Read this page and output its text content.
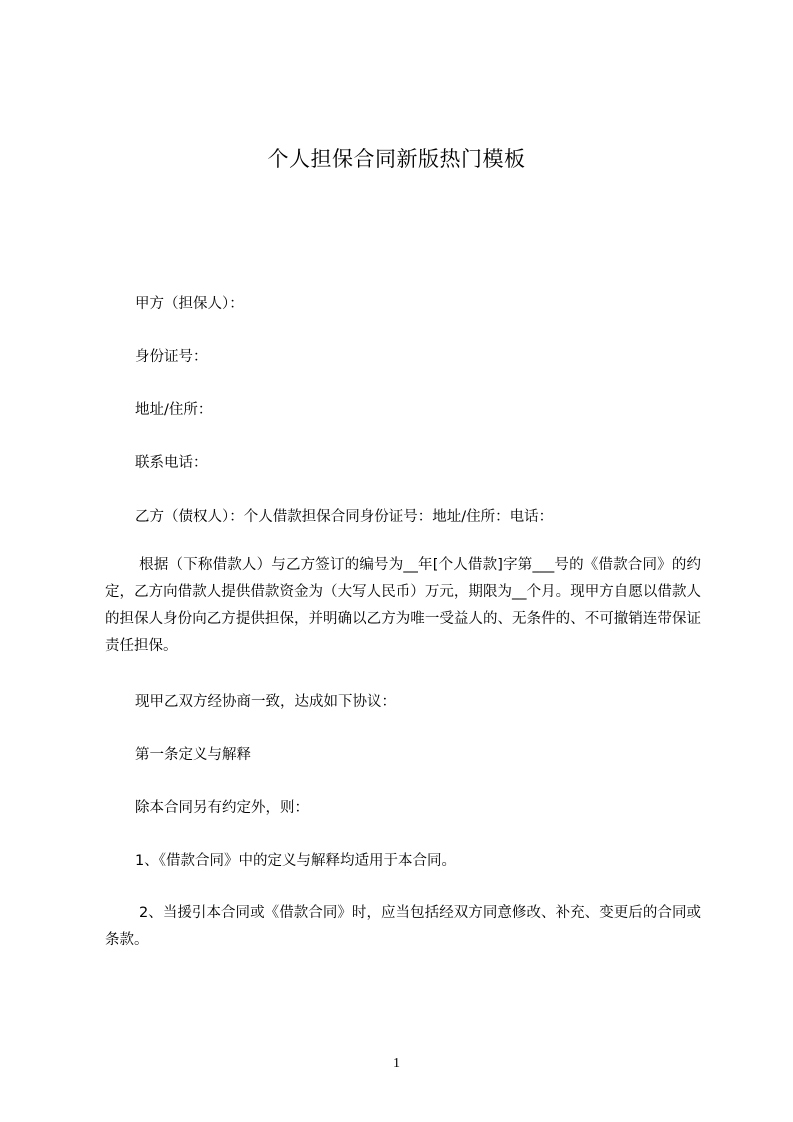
个人担保合同新版热门模板

甲方（担保人）：

身份证号：

地址/住所：

联系电话：

乙方（债权人）：个人借款担保合同身份证号：地址/住所：电话：

根据（下称借款人）与乙方签订的编号为__年[个人借款]字第___号的《借款合同》的约定，乙方向借款人提供借款资金为（大写人民币）万元，期限为__个月。现甲方自愿以借款人的担保人身份向乙方提供担保，并明确以乙方为唯一受益人的、无条件的、不可撤销连带保证责任担保。

现甲乙双方经协商一致，达成如下协议：

第一条定义与解释

除本合同另有约定外，则：

1、《借款合同》中的定义与解释均适用于本合同。

2、当援引本合同或《借款合同》时，应当包括经双方同意修改、补充、变更后的合同或条款。

1
